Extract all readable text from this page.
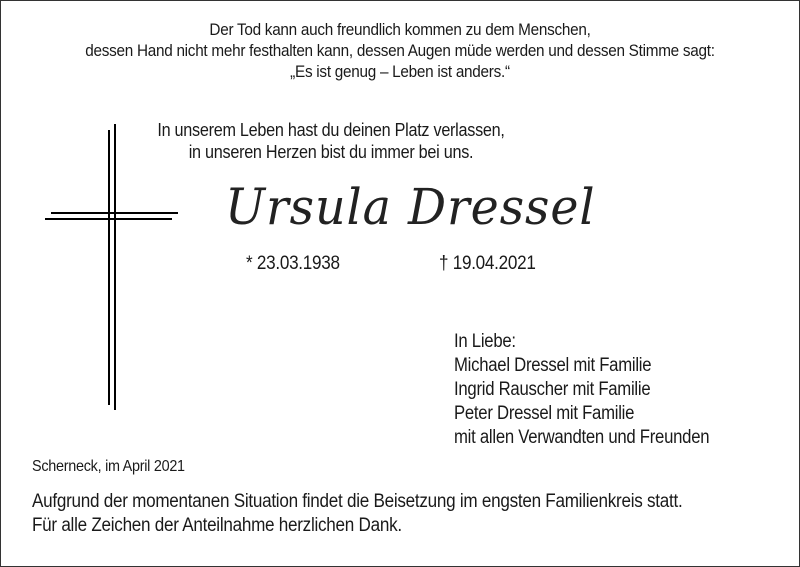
Der Tod kann auch freundlich kommen zu dem Menschen,
dessen Hand nicht mehr festhalten kann, dessen Augen müde werden und dessen Stimme sagt:
„Es ist genug – Leben ist anders.“
In unserem Leben hast du deinen Platz verlassen,
in unseren Herzen bist du immer bei uns.
Ursula Dressel
* 23.03.1938	† 19.04.2021
In Liebe:
Michael Dressel mit Familie
Ingrid Rauscher mit Familie
Peter Dressel mit Familie
mit allen Verwandten und Freunden
Scherneck, im April 2021
Aufgrund der momentanen Situation findet die Beisetzung im engsten Familienkreis statt.
Für alle Zeichen der Anteilnahme herzlichen Dank.
